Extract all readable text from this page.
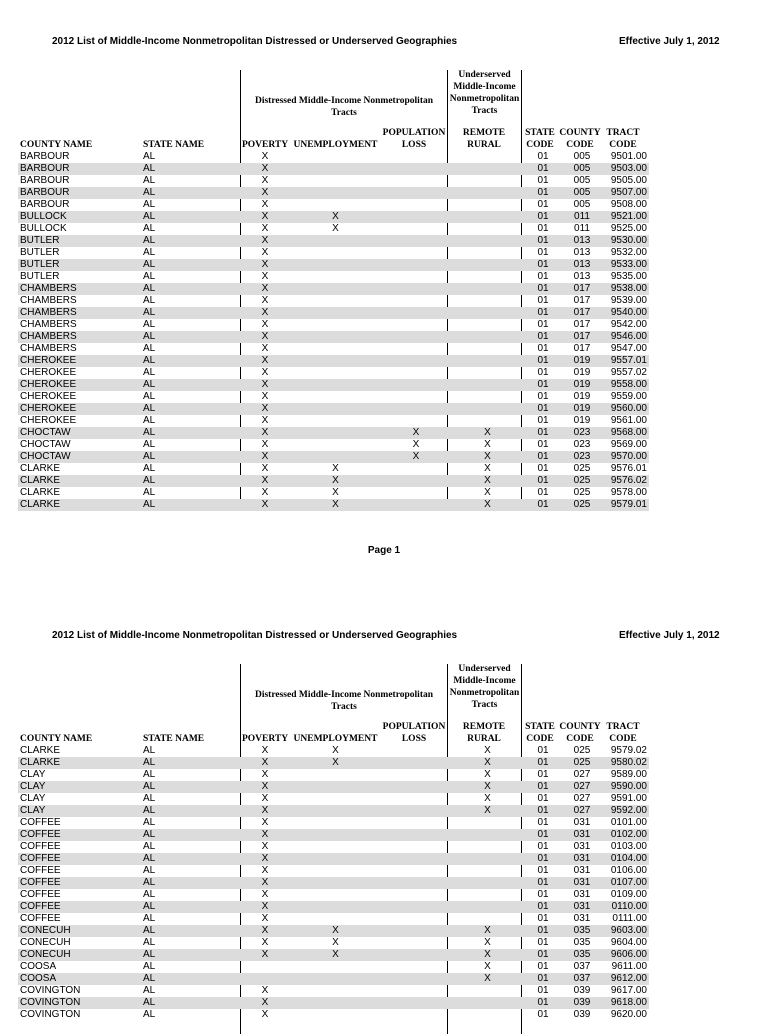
2012 List of Middle-Income Nonmetropolitan Distressed or Underserved Geographies	Effective July 1, 2012
Distressed Middle-Income Nonmetropolitan Tracts
Underserved Middle-Income Nonmetropolitan Tracts
COUNTY NAME	STATE NAME	POVERTY UNEMPLOYMENT
POPULATION LOSS
REMOTE RURAL
STATE CODE
COUNTY CODE
TRACT CODE
BARBOUR	AL	X				01	005	9501.00
BARBOUR	AL	X				01	005	9503.00
BARBOUR	AL	X				01	005	9505.00
BARBOUR	AL	X				01	005	9507.00
BARBOUR	AL	X				01	005	9508.00
BULLOCK	AL	X	X			01	011	9521.00
BULLOCK	AL	X	X			01	011	9525.00
BUTLER	AL	X				01	013	9530.00
BUTLER	AL	X				01	013	9532.00
BUTLER	AL	X				01	013	9533.00
BUTLER	AL	X				01	013	9535.00
CHAMBERS	AL	X				01	017	9538.00
CHAMBERS	AL	X				01	017	9539.00
CHAMBERS	AL	X				01	017	9540.00
CHAMBERS	AL	X				01	017	9542.00
CHAMBERS	AL	X				01	017	9546.00
CHAMBERS	AL	X				01	017	9547.00
CHEROKEE	AL	X				01	019	9557.01
CHEROKEE	AL	X				01	019	9557.02
CHEROKEE	AL	X				01	019	9558.00
CHEROKEE	AL	X				01	019	9559.00
CHEROKEE	AL	X				01	019	9560.00
CHEROKEE	AL	X				01	019	9561.00
CHOCTAW	AL	X		X	X	01	023	9568.00
CHOCTAW	AL	X		X	X	01	023	9569.00
CHOCTAW	AL	X		X	X	01	023	9570.00
CLARKE	AL	X	X		X	01	025	9576.01
CLARKE	AL	X	X		X	01	025	9576.02
CLARKE	AL	X	X		X	01	025	9578.00
CLARKE	AL	X	X		X	01	025	9579.01
Page 1
2012 List of Middle-Income Nonmetropolitan Distressed or Underserved Geographies	Effective July 1, 2012
Distressed Middle-Income Nonmetropolitan Tracts
Underserved Middle-Income Nonmetropolitan Tracts
COUNTY NAME	STATE NAME	POVERTY UNEMPLOYMENT
POPULATION LOSS
REMOTE RURAL
STATE CODE
COUNTY CODE
TRACT CODE
CLARKE	AL	X	X		X	01	025	9579.02
CLARKE	AL	X	X		X	01	025	9580.02
CLAY	AL	X			X	01	027	9589.00
CLAY	AL	X			X	01	027	9590.00
CLAY	AL	X			X	01	027	9591.00
CLAY	AL	X			X	01	027	9592.00
COFFEE	AL	X				01	031	0101.00
COFFEE	AL	X				01	031	0102.00
COFFEE	AL	X				01	031	0103.00
COFFEE	AL	X				01	031	0104.00
COFFEE	AL	X				01	031	0106.00
COFFEE	AL	X				01	031	0107.00
COFFEE	AL	X				01	031	0109.00
COFFEE	AL	X				01	031	0110.00
COFFEE	AL	X				01	031	0111.00
CONECUH	AL	X	X		X	01	035	9603.00
CONECUH	AL	X	X		X	01	035	9604.00
CONECUH	AL	X	X		X	01	035	9606.00
COOSA	AL				X	01	037	9611.00
COOSA	AL				X	01	037	9612.00
COVINGTON	AL	X				01	039	9617.00
COVINGTON	AL	X				01	039	9618.00
COVINGTON	AL	X				01	039	9620.00
